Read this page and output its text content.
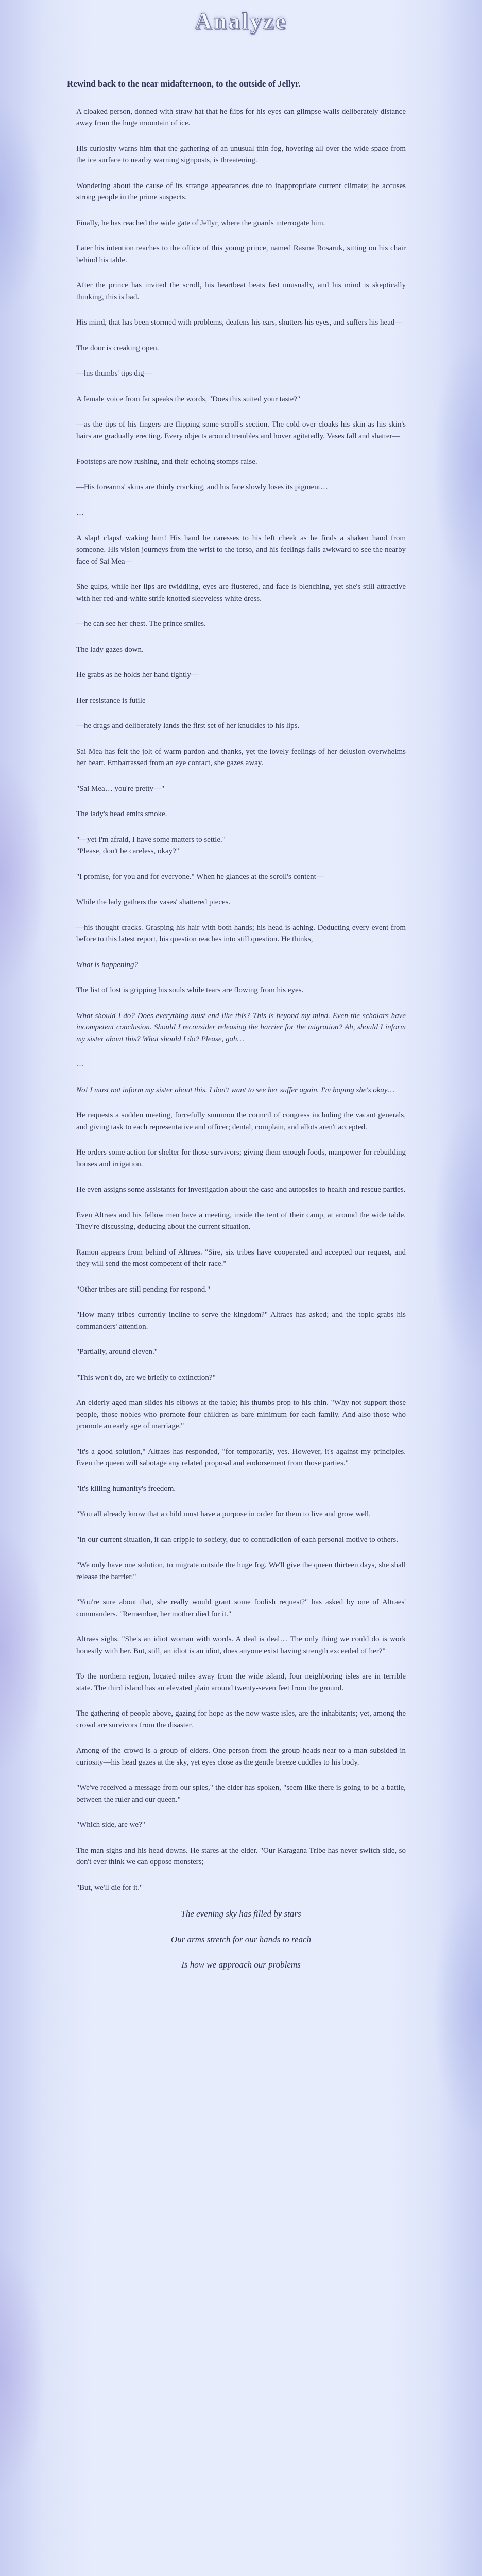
Analyze
Rewind back to the near midafternoon, to the outside of Jellyr.

A cloaked person, donned with straw hat that he flips for his eyes can glimpse walls deliberately distance away from the huge mountain of ice.

His curiosity warns him that the gathering of an unusual thin fog, hovering all over the wide space from the ice surface to nearby warning signposts, is threatening.

Wondering about the cause of its strange appearances due to inappropriate current climate; he accuses strong people in the prime suspects.

Finally, he has reached the wide gate of Jellyr, where the guards interrogate him.

Later his intention reaches to the office of this young prince, named Rasme Rosaruk, sitting on his chair behind his table.

After the prince has invited the scroll, his heartbeat beats fast unusually, and his mind is skeptically thinking, this is bad.

His mind, that has been stormed with problems, deafens his ears, shutters his eyes, and suffers his head—

The door is creaking open.

—his thumbs' tips dig—

A female voice from far speaks the words, "Does this suited your taste?"

—as the tips of his fingers are flipping some scroll's section. The cold over cloaks his skin as his skin's hairs are gradually erecting. Every objects around trembles and hover agitatedly. Vases fall and shatter—

Footsteps are now rushing, and their echoing stomps raise.

—His forearms' skins are thinly cracking, and his face slowly loses its pigment…

…

A slap! claps! waking him! His hand he caresses to his left cheek as he finds a shaken hand from someone. His vision journeys from the wrist to the torso, and his feelings falls awkward to see the nearby face of Sai Mea—

She gulps, while her lips are twiddling, eyes are flustered, and face is blenching, yet she's still attractive with her red-and-white strife knotted sleeveless white dress.

—he can see her chest. The prince smiles.

The lady gazes down.

He grabs as he holds her hand tightly—

Her resistance is futile

—he drags and deliberately lands the first set of her knuckles to his lips.

Sai Mea has felt the jolt of warm pardon and thanks, yet the lovely feelings of her delusion overwhelms her heart. Embarrassed from an eye contact, she gazes away.

"Sai Mea… you're pretty—"

The lady's head emits smoke.

"—yet I'm afraid, I have some matters to settle."
"Please, don't be careless, okay?"

"I promise, for you and for everyone." When he glances at the scroll's content—

While the lady gathers the vases' shattered pieces.

—his thought cracks. Grasping his hair with both hands; his head is aching. Deducting every event from before to this latest report, his question reaches into still question. He thinks,

What is happening?

The list of lost is gripping his souls while tears are flowing from his eyes.

What should I do? Does everything must end like this? This is beyond my mind. Even the scholars have incompetent conclusion. Should I reconsider releasing the barrier for the migration? Ah, should I inform my sister about this? What should I do? Please, gah…

…

No! I must not inform my sister about this. I don't want to see her suffer again. I'm hoping she's okay…

He requests a sudden meeting, forcefully summon the council of congress including the vacant generals, and giving task to each representative and officer; dental, complain, and allots aren't accepted.

He orders some action for shelter for those survivors; giving them enough foods, manpower for rebuilding houses and irrigation.

He even assigns some assistants for investigation about the case and autopsies to health and rescue parties.

Even Altraes and his fellow men have a meeting, inside the tent of their camp, at around the wide table. They're discussing, deducing about the current situation.

Ramon appears from behind of Altraes. "Sire, six tribes have cooperated and accepted our request, and they will send the most competent of their race."

"Other tribes are still pending for respond."

"How many tribes currently incline to serve the kingdom?" Altraes has asked; and the topic grabs his commanders' attention.

"Partially, around eleven."

"This won't do, are we briefly to extinction?"

An elderly aged man slides his elbows at the table; his thumbs prop to his chin. "Why not support those people, those nobles who promote four children as bare minimum for each family. And also those who promote an early age of marriage."

"It's a good solution," Altraes has responded, "for temporarily, yes. However, it's against my principles. Even the queen will sabotage any related proposal and endorsement from those parties."

"It's killing humanity's freedom.

"You all already know that a child must have a purpose in order for them to live and grow well.

"In our current situation, it can cripple to society, due to contradiction of each personal motive to others.

"We only have one solution, to migrate outside the huge fog. We'll give the queen thirteen days, she shall release the barrier."

"You're sure about that, she really would grant some foolish request?" has asked by one of Altraes' commanders. "Remember, her mother died for it."

Altraes sighs. "She's an idiot woman with words. A deal is deal… The only thing we could do is work honestly with her. But, still, an idiot is an idiot, does anyone exist having strength exceeded of her?"

To the northern region, located miles away from the wide island, four neighboring isles are in terrible state. The third island has an elevated plain around twenty-seven feet from the ground.

The gathering of people above, gazing for hope as the now waste isles, are the inhabitants; yet, among the crowd are survivors from the disaster.

Among of the crowd is a group of elders. One person from the group heads near to a man subsided in curiosity—his head gazes at the sky, yet eyes close as the gentle breeze cuddles to his body.

"We've received a message from our spies," the elder has spoken, "seem like there is going to be a battle, between the ruler and our queen."

"Which side, are we?"

The man sighs and his head downs. He stares at the elder. "Our Karagana Tribe has never switch side, so don't ever think we can oppose monsters;

"But, we'll die for it."

The evening sky has filled by stars
Our arms stretch for our hands to reach
Is how we approach our problems
